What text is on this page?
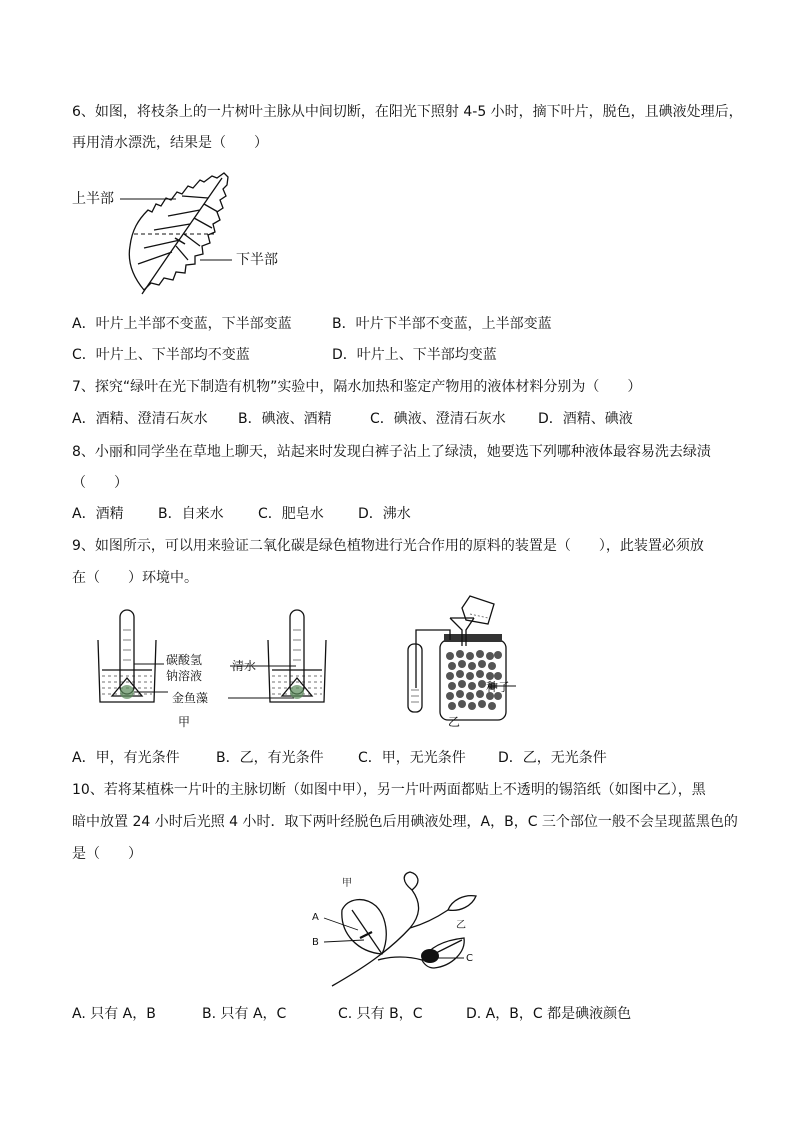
6、如图，将枝条上的一片树叶主脉从中间切断，在阳光下照射 4-5 小时，摘下叶片，脱色，且碘液处理后，
再用清水漂洗，结果是（　　）
上半部
下半部
A．叶片上半部不变蓝，下半部变蓝	B．叶片下半部不变蓝，上半部变蓝
C．叶片上、下半部均不变蓝	D．叶片上、下半部均变蓝
7、探究“绿叶在光下制造有机物”实验中，隔水加热和鉴定产物用的液体材料分别为（　　）
A．酒精、澄清石灰水 B．碘液、酒精	C．碘液、澄清石灰水 D．酒精、碘液
8、小丽和同学坐在草地上聊天，站起来时发现白裤子沾上了绿渍，她要选下列哪种液体最容易洗去绿渍
（　　）
A．酒精 B．自来水 C．肥皂水 D．沸水
9、如图所示，可以用来验证二氧化碳是绿色植物进行光合作用的原料的装置是（　　），此装置必须放
在（　　）环境中。
碳酸氢
钠溶液
清水
金鱼藻
甲	乙
种子
A．甲，有光条件	B．乙，有光条件 C．甲，无光条件 D．乙，无光条件
10、若将某植株一片叶的主脉切断（如图中甲），另一片叶两面都贴上不透明的锡箔纸（如图中乙），黑
暗中放置 24 小时后光照 4 小时．取下两叶经脱色后用碘液处理，A，B，C 三个部位一般不会呈现蓝黑色的
是（　　）
甲
乙
A
B
C
A. 只有 A，B	B. 只有 A，C	C. 只有 B，C	D. A，B，C 都是碘液颜色
